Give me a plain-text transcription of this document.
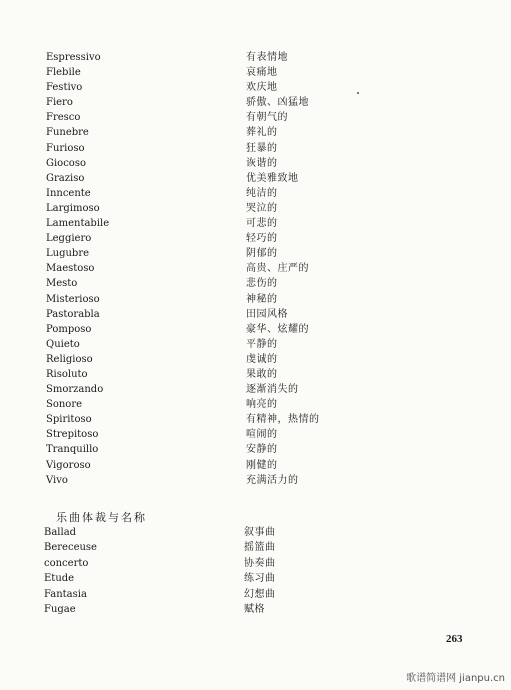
Espressivo	有表情地
Flebile	哀痛地
Festivo	欢庆地
Fiero	骄傲、凶猛地
Fresco	有朝气的
Funebre	葬礼的
Furioso	狂暴的
Giocoso	诙谐的
Graziso	优美雅致地
Inncente	纯洁的
Largimoso	哭泣的
Lamentabile	可悲的
Leggiero	轻巧的
Lugubre	阴郁的
Maestoso	高贵、庄严的
Mesto	悲伤的
Misterioso	神秘的
Pastorabla	田园风格
Pomposo	豪华、炫耀的
Quieto	平静的
Religioso	虔诚的
Risoluto	果敢的
Smorzando	逐渐消失的
Sonore	响亮的
Spiritoso	有精神，热情的
Strepitoso	喧闹的
Tranquillo	安静的
Vigoroso	刚健的
Vivo	充满活力的
乐曲体裁与名称
Ballad	叙事曲
Bereceuse	摇篮曲
concerto	协奏曲
Etude	练习曲
Fantasia	幻想曲
Fugae	赋格
263
歌谱简谱网 jianpu.cn
